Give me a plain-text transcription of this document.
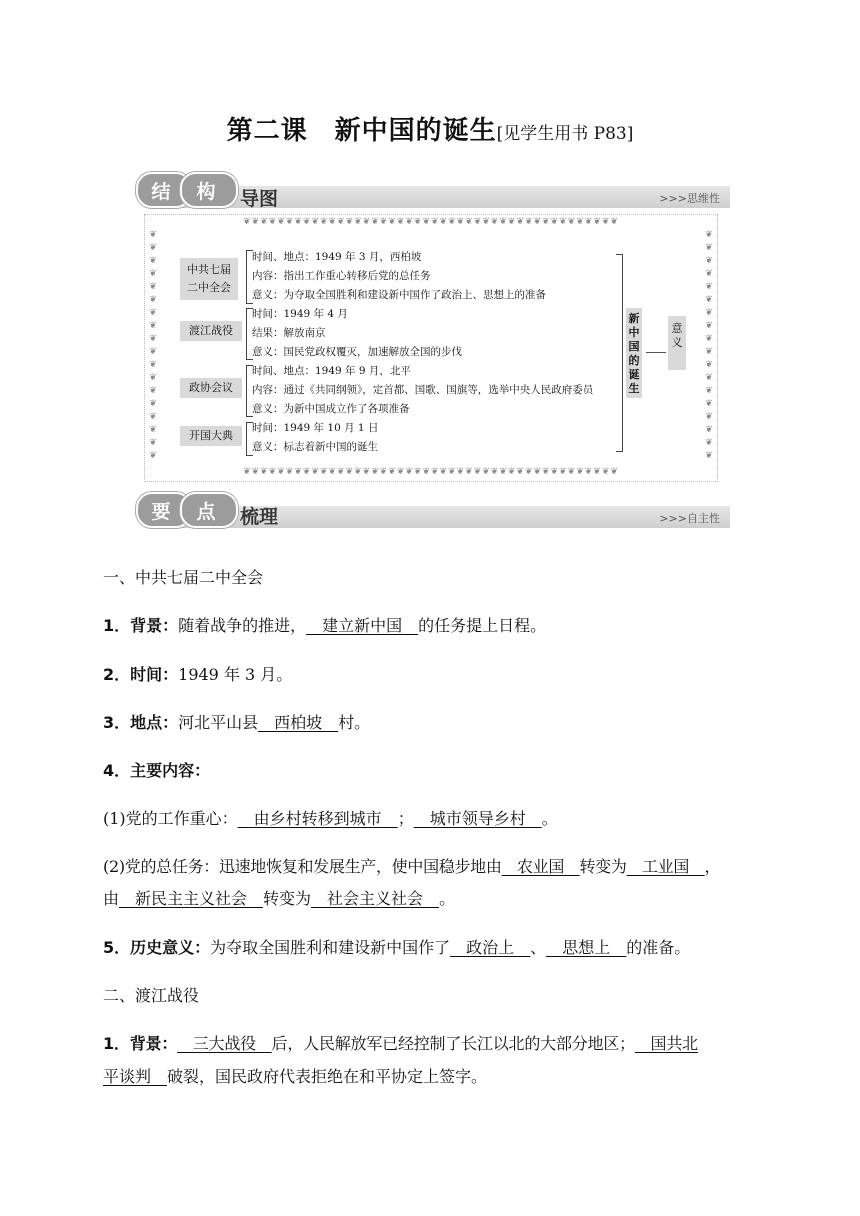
第二课　新中国的诞生[见学生用书 P83]
结	构 导图	>>>思维性
❦❦❦❦❦❦❦❦❦❦❦❦❦❦❦❦❦❦❦❦❦❦❦❦❦❦❦❦❦❦❦❦❦❦❦❦❦❦❦❦❦❦❦❦
❦❦❦❦❦❦❦❦❦❦❦❦❦❦❦❦❦❦❦❦❦❦❦❦❦❦❦❦❦❦❦❦❦❦❦❦❦❦❦❦❦❦❦❦
❦
❦
❦
❦
❦
❦
❦
❦
❦
❦
❦
❦
❦
❦
❦
❦
❦
❦
❦
❦
❦
❦
❦
❦
❦
❦
❦
❦
❦
❦
❦
❦
❦
❦
❦
❦
中共七届
二中全会
时间、地点：1949 年 3 月，西柏坡
内容：指出工作重心转移后党的总任务
意义：为夺取全国胜利和建设新中国作了政治上、思想上的准备
渡江战役
时间：1949 年 4 月
结果：解放南京
意义：国民党政权覆灭，加速解放全国的步伐
政协会议
时间、地点：1949 年 9 月，北平
内容：通过《共同纲领》，定首都、国歌、国旗等，选举中央人民政府委员
意义：为新中国成立作了各项准备
开国大典
时间：1949 年 10 月 1 日
意义：标志着新中国的诞生
新
中
国
的
诞
生
意
义
要	点 梳理	>>>自主性
一、中共七届二中全会
1．背景：随着战争的推进，__建立新中国__的任务提上日程。
2．时间：1949 年 3 月。
3．地点：河北平山县__西柏坡__村。
4．主要内容：
(1)党的工作重心：__由乡村转移到城市__；__城市领导乡村__。
(2)党的总任务：迅速地恢复和发展生产，使中国稳步地由__农业国__转变为__工业国__，
由__新民主主义社会__转变为__社会主义社会__。
5．历史意义：为夺取全国胜利和建设新中国作了__政治上__、__思想上__的准备。
二、渡江战役
1．背景：__三大战役__后，人民解放军已经控制了长江以北的大部分地区；__国共北
平谈判__破裂，国民政府代表拒绝在和平协定上签字。
